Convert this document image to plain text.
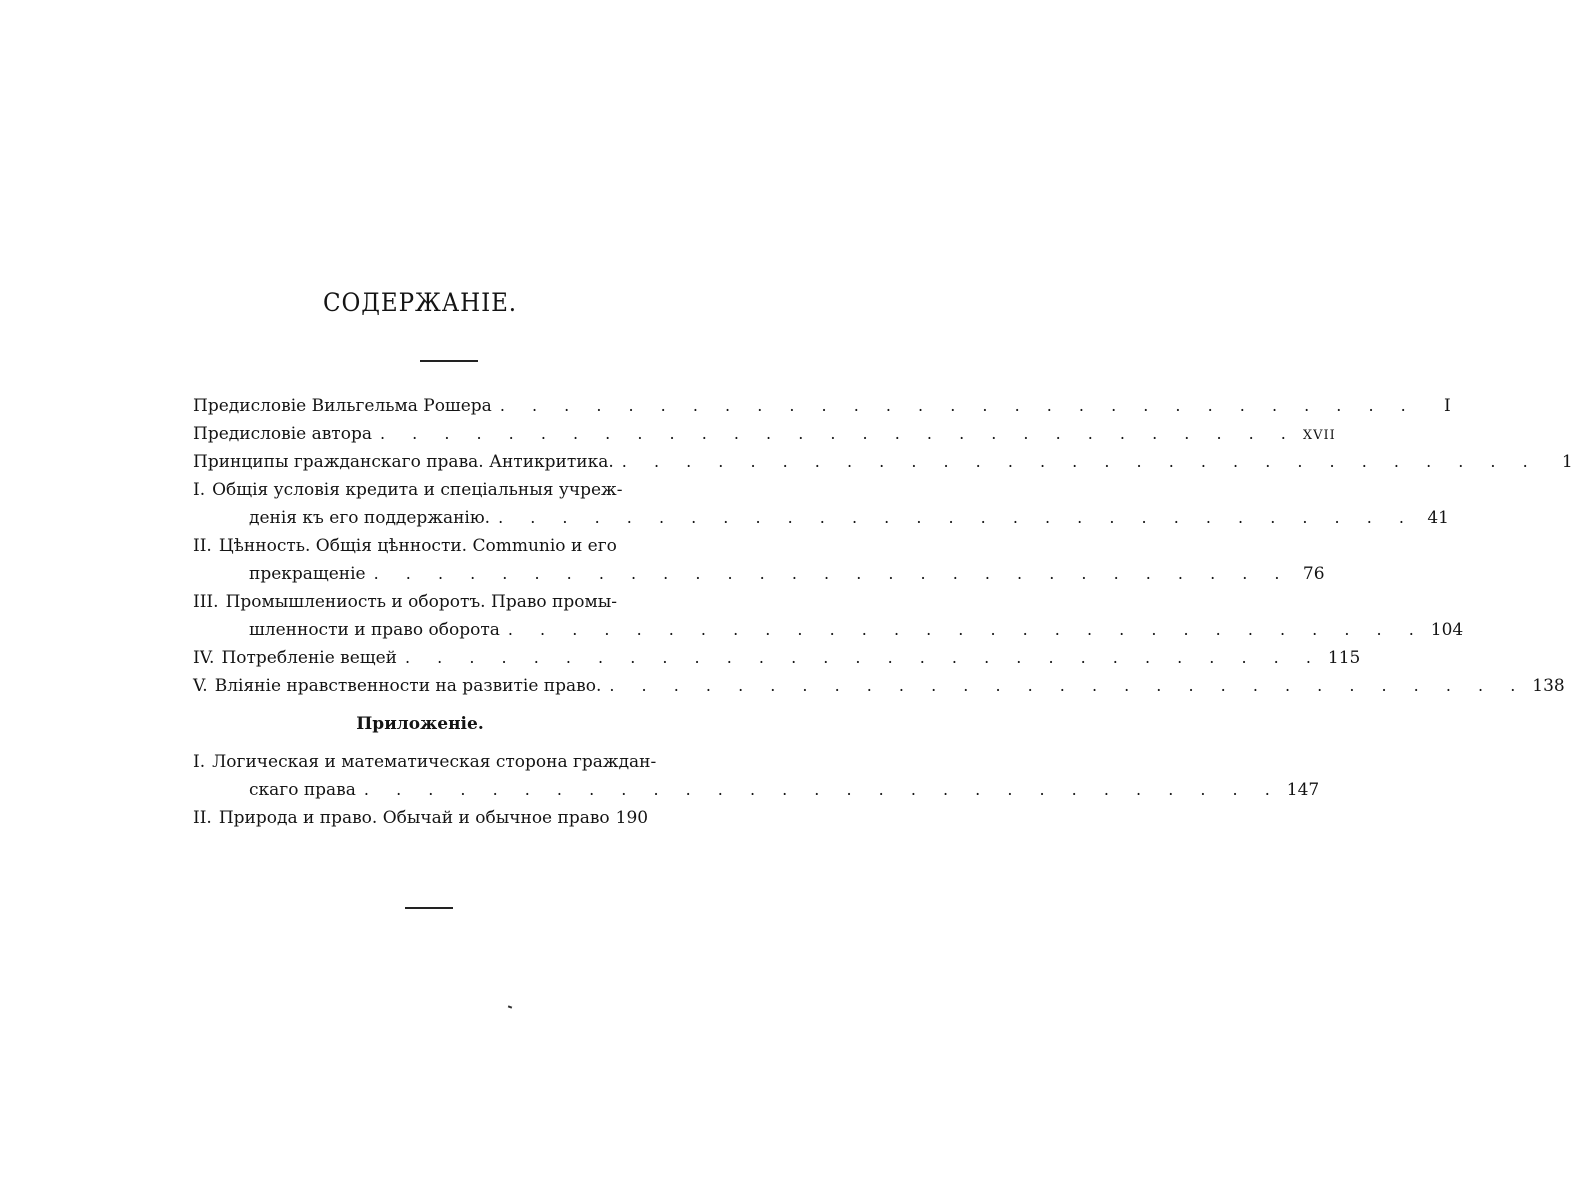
СОДЕРЖАНІЕ.
Предисловіе Вильгельма Рошера . . . . . . . . . . . . . . . . . . . . . . . . . . . . .	I
Предисловіе автора . . . . . . . . . . . . . . . . . . . . . . . . . . . . . XVII
Принципы гражданскаго права. Антикритика. . . . . . . . . . . . . . . . . . . . . . . . . . . . . .	1
I. Общія условія кредита и спеціальныя учреж-
денія къ его поддержанію. . . . . . . . . . . . . . . . . . . . . . . . . . . . . . 41
II. Цѣнность. Общія цѣнности. Communio и его
прекращеніе . . . . . . . . . . . . . . . . . . . . . . . . . . . . . 76
III. Промышлениость и оборотъ. Право промы-
шленности и право оборота . . . . . . . . . . . . . . . . . . . . . . . . . . . . . 104
IV. Потребленіе вещей . . . . . . . . . . . . . . . . . . . . . . . . . . . . . 115
V. Вліяніе нравственности на развитіе право. . . . . . . . . . . . . . . . . . . . . . . . . . . . . . 138
Приложеніе.
I. Логическая и математическая сторона граждан-
скаго права . . . . . . . . . . . . . . . . . . . . . . . . . . . . . 147
II. Природа и право. Обычай и обычное право 190
